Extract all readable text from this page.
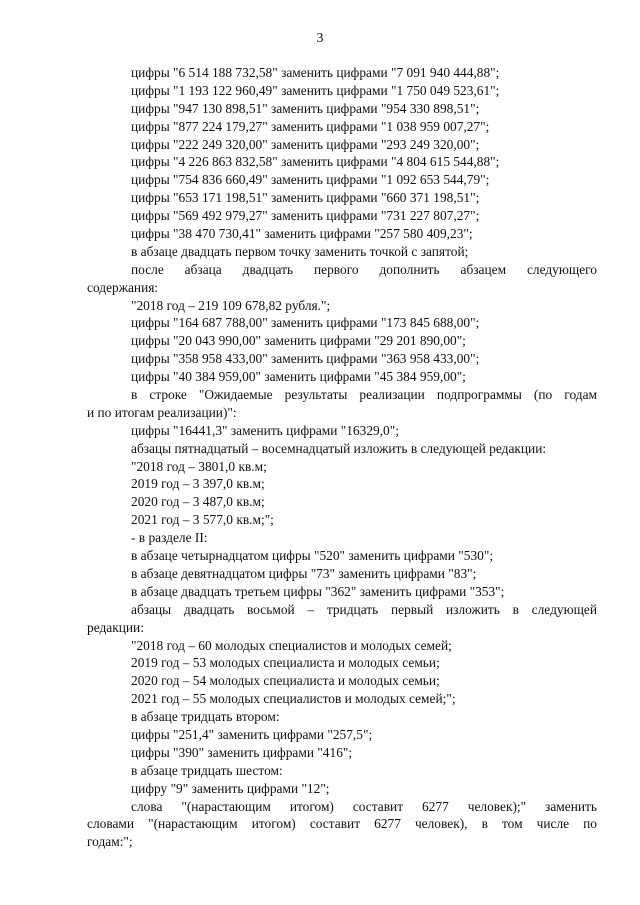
3
цифры "6 514 188 732,58" заменить цифрами "7 091 940 444,88";
цифры "1 193 122 960,49" заменить цифрами "1 750 049 523,61";
цифры "947 130 898,51" заменить цифрами "954 330 898,51";
цифры "877 224 179,27" заменить цифрами "1 038 959 007,27";
цифры "222 249 320,00" заменить цифрами "293 249 320,00";
цифры "4 226 863 832,58" заменить цифрами "4 804 615 544,88";
цифры "754 836 660,49" заменить цифрами "1 092 653 544,79";
цифры "653 171 198,51" заменить цифрами "660 371 198,51";
цифры "569 492 979,27" заменить цифрами "731 227 807,27";
цифры "38 470 730,41" заменить цифрами "257 580 409,23";
в абзаце двадцать первом точку заменить точкой с запятой;
после абзаца двадцать первого дополнить абзацем следующего
содержания:
"2018 год – 219 109 678,82 рубля.";
цифры "164 687 788,00" заменить цифрами "173 845 688,00";
цифры "20 043 990,00" заменить цифрами "29 201 890,00";
цифры "358 958 433,00" заменить цифрами "363 958 433,00";
цифры "40 384 959,00" заменить цифрами "45 384 959,00";
в строке "Ожидаемые результаты реализации подпрограммы (по годам
и по итогам реализации)":
цифры "16441,3" заменить цифрами "16329,0";
абзацы пятнадцатый – восемнадцатый изложить в следующей редакции:
"2018 год – 3801,0 кв.м;
2019 год – 3 397,0 кв.м;
2020 год – 3 487,0 кв.м;
2021 год – 3 577,0 кв.м;";
- в разделе II:
в абзаце четырнадцатом цифры "520" заменить цифрами "530";
в абзаце девятнадцатом цифры "73" заменить цифрами "83";
в абзаце двадцать третьем цифры "362" заменить цифрами "353";
абзацы двадцать восьмой – тридцать первый изложить в следующей
редакции:
"2018 год – 60 молодых специалистов и молодых семей;
2019 год – 53 молодых специалиста и молодых семьи;
2020 год – 54 молодых специалиста и молодых семьи;
2021 год – 55 молодых специалистов и молодых семей;";
в абзаце тридцать втором:
цифры "251,4" заменить цифрами "257,5";
цифры "390" заменить цифрами "416";
в абзаце тридцать шестом:
цифру "9" заменить цифрами "12";
слова "(нарастающим итогом) составит 6277 человек);" заменить
словами "(нарастающим итогом) составит 6277 человек), в том числе по
годам:";
